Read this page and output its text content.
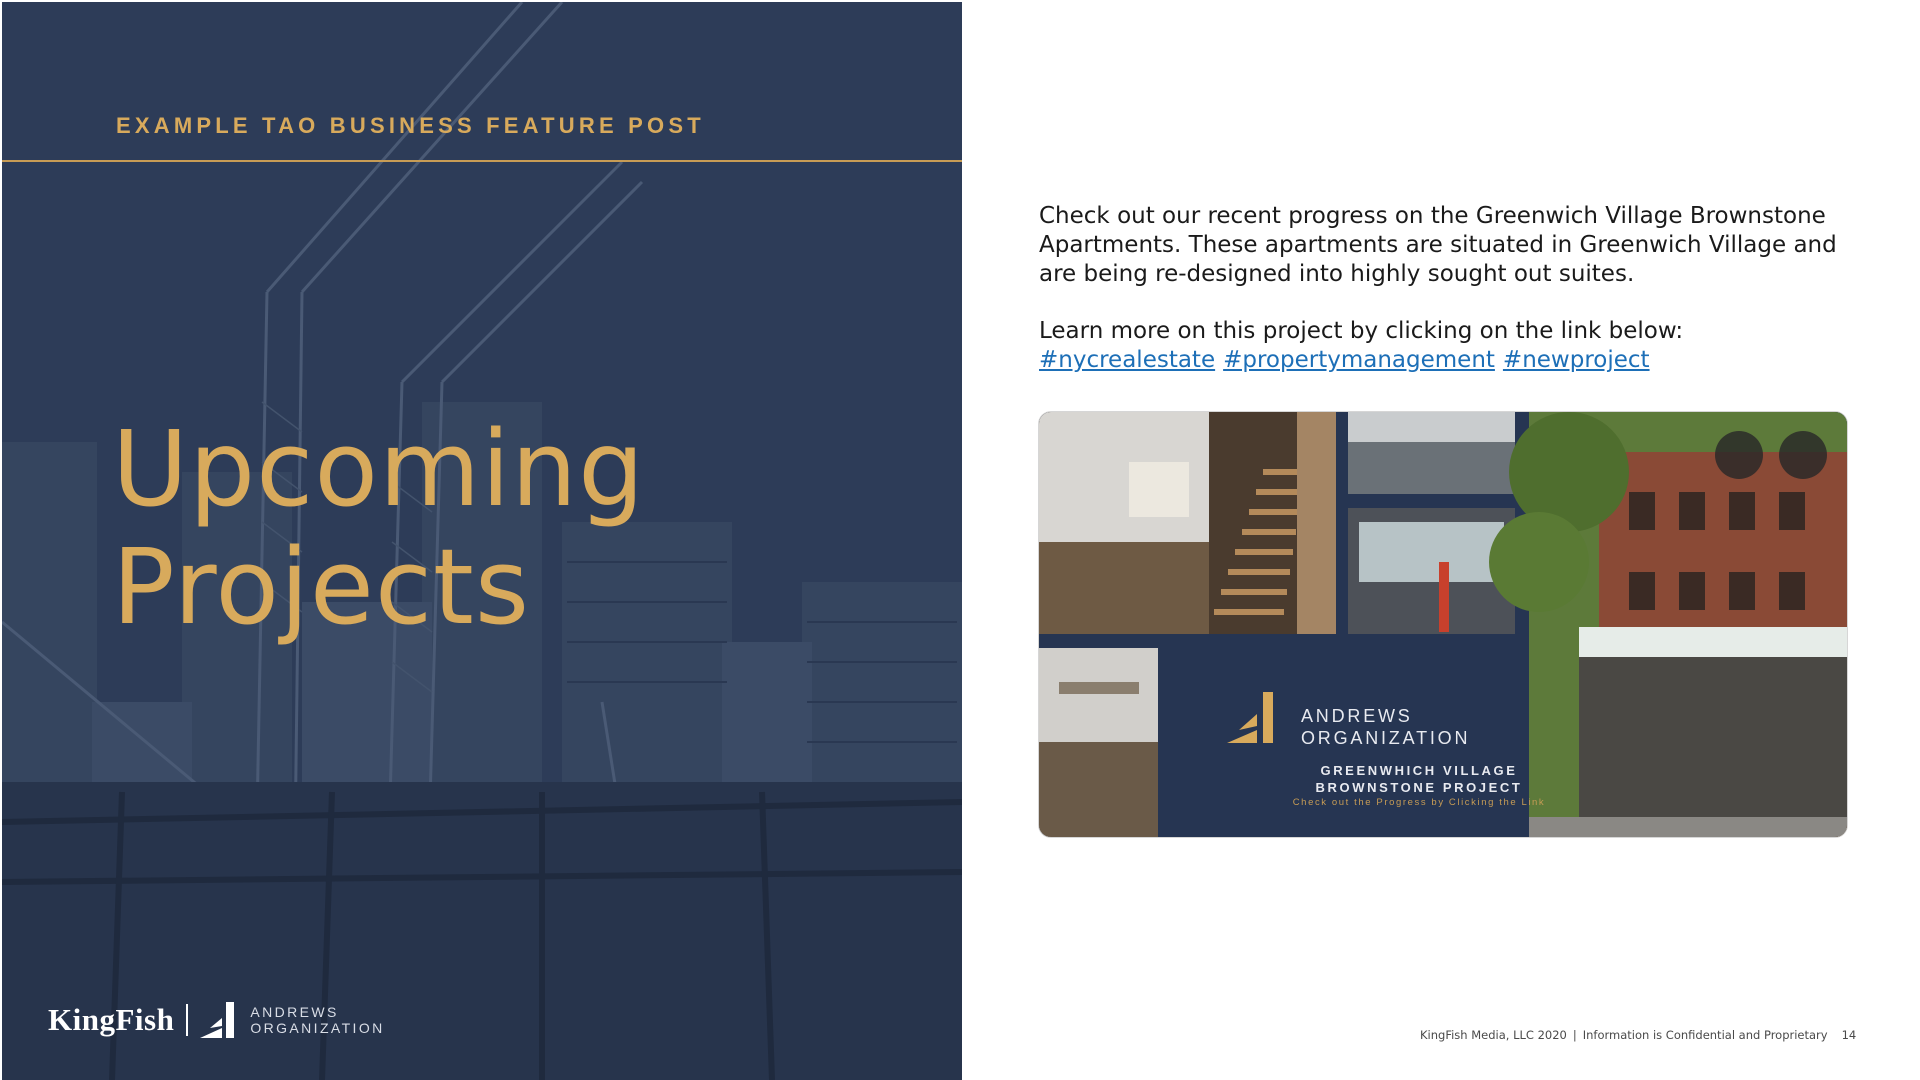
EXAMPLE TAO BUSINESS FEATURE POST
Upcoming
Projects
KingFish	ANDREWS
ORGANIZATION

Check out our recent progress on the Greenwich Village Brownstone Apartments. These apartments are situated in Greenwich Village and are being re-designed into highly sought out suites.

Learn more on this project by clicking on the link below:

#nycrealestate #propertymanagement #newproject
ANDREWS
ORGANIZATION
GREENWHICH VILLAGE
BROWNSTONE PROJECT
Check out the Progress by Clicking the Link
KingFish Media, LLC 2020 | Information is Confidential and Proprietary 14
